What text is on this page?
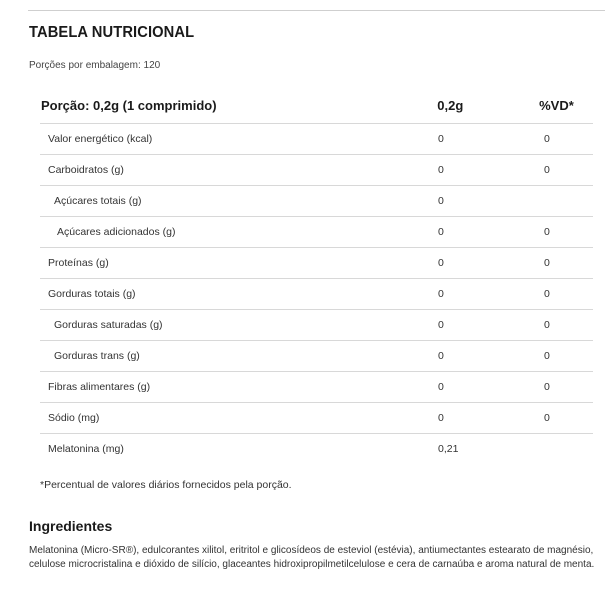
TABELA NUTRICIONAL
Porções por embalagem: 120
Porção: 0,2g (1 comprimido)	0,2g	%VD*
Valor energético (kcal)	0	0
Carboidratos (g)	0	0
Açúcares totais (g)	0
Açúcares adicionados (g)	0	0
Proteínas (g)	0	0
Gorduras totais (g)	0	0
Gorduras saturadas (g)	0	0
Gorduras trans (g)	0	0
Fibras alimentares (g)	0	0
Sódio (mg)	0	0
Melatonina (mg)	0,21
*Percentual de valores diários fornecidos pela porção.
Ingredientes
Melatonina (Micro-SR®), edulcorantes xilitol, eritritol e glicosídeos de esteviol (estévia), antiumectantes estearato de magnésio, celulose microcristalina e dióxido de silício, glaceantes hidroxipropilmetilcelulose e cera de carnaúba e aroma natural de menta.
